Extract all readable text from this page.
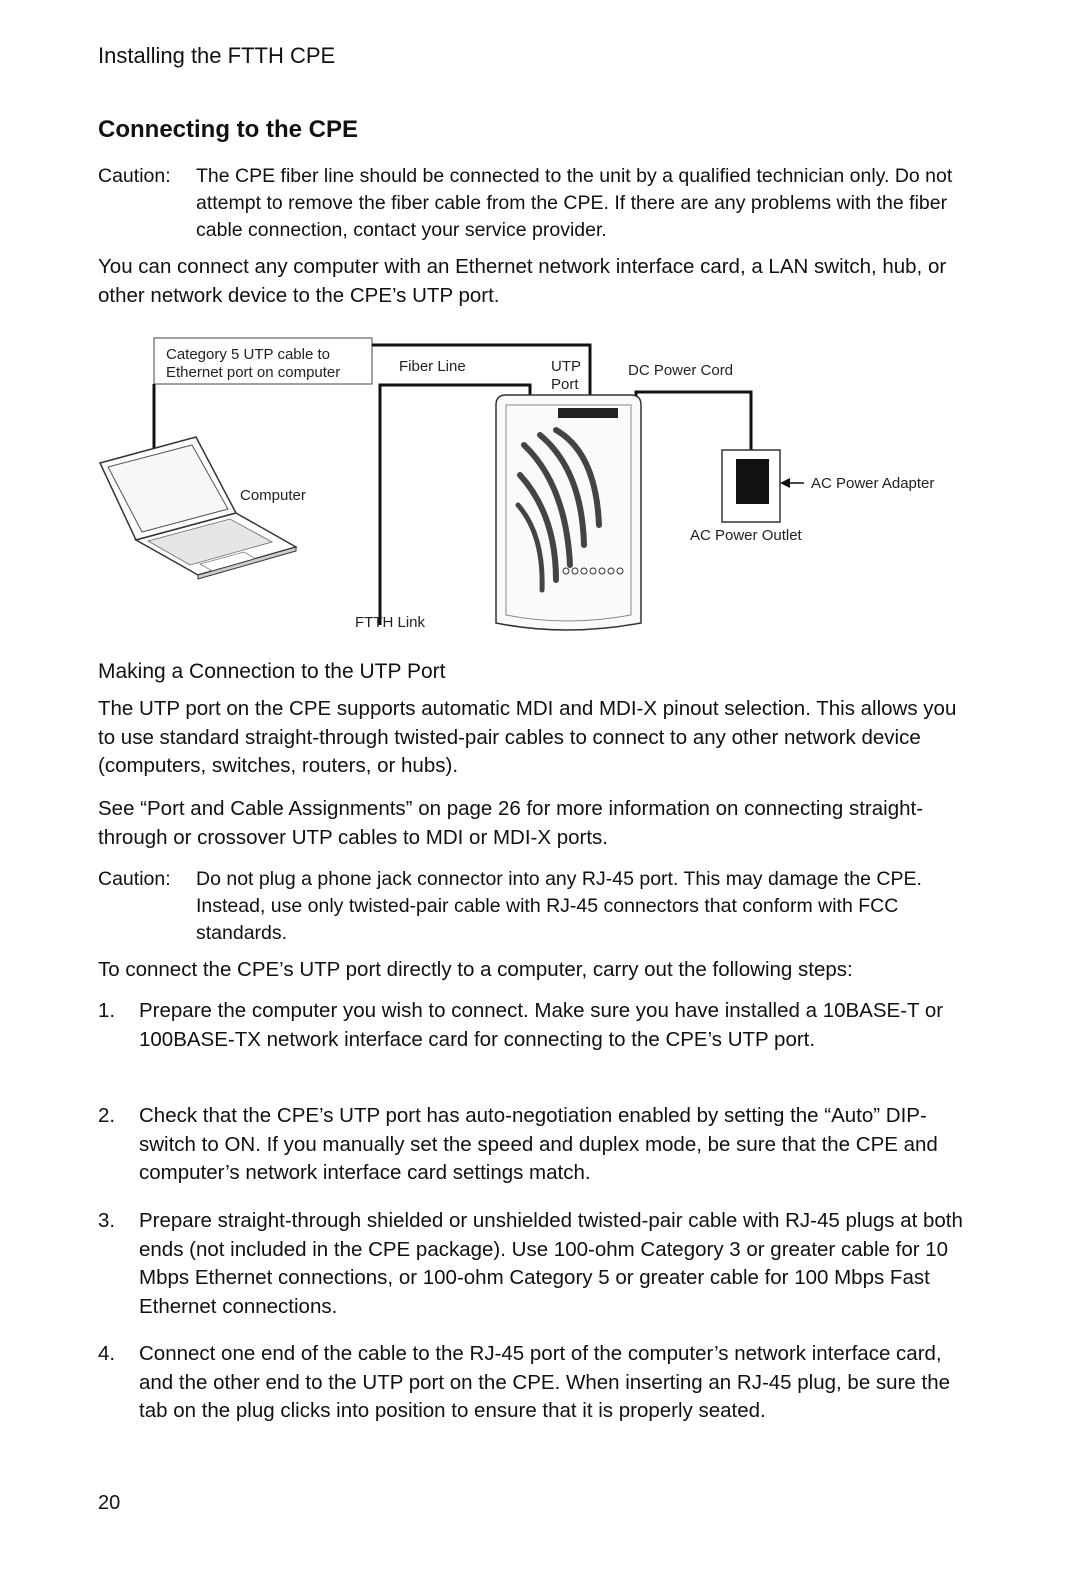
Installing the FTTH CPE
Connecting to the CPE
Caution: The CPE fiber line should be connected to the unit by a qualified technician only. Do not attempt to remove the fiber cable from the CPE. If there are any problems with the fiber cable connection, contact your service provider.
You can connect any computer with an Ethernet network interface card, a LAN switch, hub, or other network device to the CPE’s UTP port.
Category 5 UTP cable to
Ethernet port on computer	Fiber Line	UTP
Port
DC Power Cord
Computer
AC Power Adapter
AC Power Outlet
FTTH Link
Making a Connection to the UTP Port
The UTP port on the CPE supports automatic MDI and MDI-X pinout selection. This allows you to use standard straight-through twisted-pair cables to connect to any other network device (computers, switches, routers, or hubs).
See “Port and Cable Assignments” on page 26 for more information on connecting straight-through or crossover UTP cables to MDI or MDI-X ports.
Caution: Do not plug a phone jack connector into any RJ-45 port. This may damage the CPE. Instead, use only twisted-pair cable with RJ-45 connectors that conform with FCC standards.
To connect the CPE’s UTP port directly to a computer, carry out the following steps:
1. Prepare the computer you wish to connect. Make sure you have installed a 10BASE-T or 100BASE-TX network interface card for connecting to the CPE’s UTP port.
2. Check that the CPE’s UTP port has auto-negotiation enabled by setting the “Auto” DIP-switch to ON. If you manually set the speed and duplex mode, be sure that the CPE and computer’s network interface card settings match.
3. Prepare straight-through shielded or unshielded twisted-pair cable with RJ-45 plugs at both ends (not included in the CPE package). Use 100-ohm Category 3 or greater cable for 10 Mbps Ethernet connections, or 100-ohm Category 5 or greater cable for 100 Mbps Fast Ethernet connections.
4. Connect one end of the cable to the RJ-45 port of the computer’s network interface card, and the other end to the UTP port on the CPE. When inserting an RJ-45 plug, be sure the tab on the plug clicks into position to ensure that it is properly seated.
20
